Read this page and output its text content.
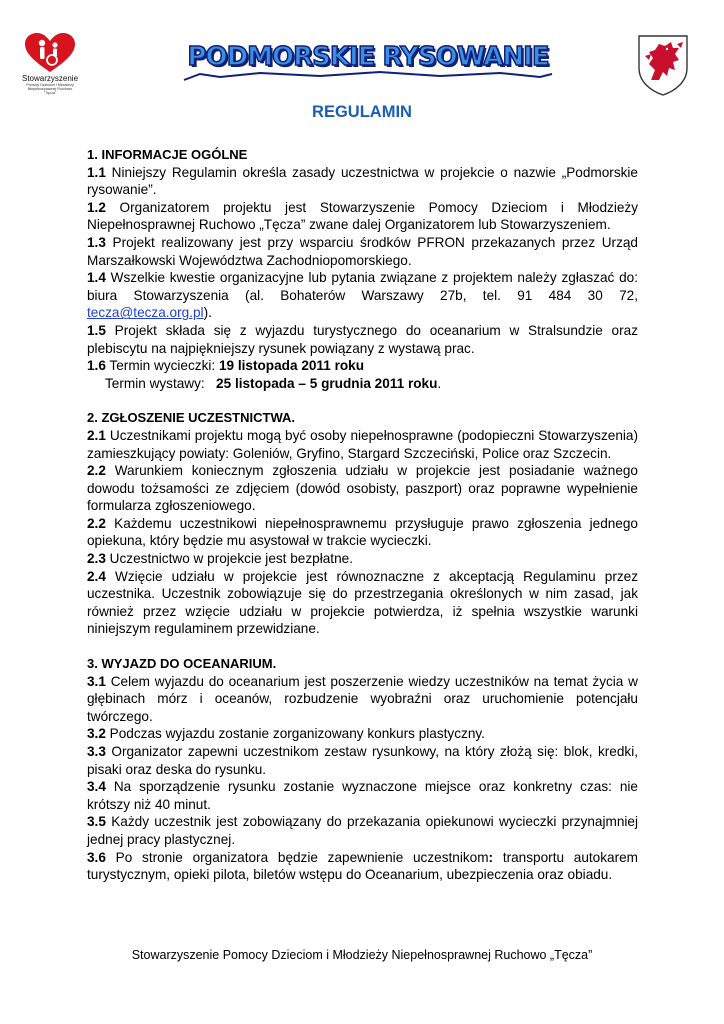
Stowarzyszenie
Pomocy Dzieciom i Młodzieży Niepełnosprawnej Ruchowo "Tęcza"
PODMORSKIE RYSOWANIE
REGULAMIN

1. INFORMACJE OGÓLNE

1.1 Niniejszy Regulamin określa zasady uczestnictwa w projekcie o nazwie „Podmorskie rysowanie”.

1.2 Organizatorem projektu jest Stowarzyszenie Pomocy Dzieciom i Młodzieży Niepełnosprawnej Ruchowo „Tęcza” zwane dalej Organizatorem lub Stowarzyszeniem.

1.3 Projekt realizowany jest przy wsparciu środków PFRON przekazanych przez Urząd Marszałkowski Województwa Zachodniopomorskiego.

1.4 Wszelkie kwestie organizacyjne lub pytania związane z projektem należy zgłaszać do: biura Stowarzyszenia (al. Bohaterów Warszawy 27b, tel. 91 484 30 72, tecza@tecza.org.pl).

1.5 Projekt składa się z wyjazdu turystycznego do oceanarium w Stralsundzie oraz plebiscytu na najpiękniejszy rysunek powiązany z wystawą prac.

1.6 Termin wycieczki: 19 listopada 2011 roku

Termin wystawy:   25 listopada – 5 grudnia 2011 roku.

2. ZGŁOSZENIE UCZESTNICTWA.

2.1 Uczestnikami projektu mogą być osoby niepełnosprawne (podopieczni Stowarzyszenia) zamieszkujący powiaty: Goleniów, Gryfino, Stargard Szczeciński, Police oraz Szczecin.

2.2 Warunkiem koniecznym zgłoszenia udziału w projekcie jest posiadanie ważnego dowodu tożsamości ze zdjęciem (dowód osobisty, paszport) oraz poprawne wypełnienie formularza zgłoszeniowego.

2.2 Każdemu uczestnikowi niepełnosprawnemu przysługuje prawo zgłoszenia jednego opiekuna, który będzie mu asystował w trakcie wycieczki.

2.3 Uczestnictwo w projekcie jest bezpłatne.

2.4 Wzięcie udziału w projekcie jest równoznaczne z akceptacją Regulaminu przez uczestnika. Uczestnik zobowiązuje się do przestrzegania określonych w nim zasad, jak również przez wzięcie udziału w projekcie potwierdza, iż spełnia wszystkie warunki niniejszym regulaminem przewidziane.

3. WYJAZD DO OCEANARIUM.

3.1 Celem wyjazdu do oceanarium jest poszerzenie wiedzy uczestników na temat życia w głębinach mórz i oceanów, rozbudzenie wyobraźni oraz uruchomienie potencjału twórczego.

3.2 Podczas wyjazdu zostanie zorganizowany konkurs plastyczny.

3.3 Organizator zapewni uczestnikom zestaw rysunkowy, na który złożą się: blok, kredki, pisaki oraz deska do rysunku.

3.4 Na sporządzenie rysunku zostanie wyznaczone miejsce oraz konkretny czas: nie krótszy niż 40 minut.

3.5 Każdy uczestnik jest zobowiązany do przekazania opiekunowi wycieczki przynajmniej jednej pracy plastycznej.

3.6 Po stronie organizatora będzie zapewnienie uczestnikom: transportu autokarem turystycznym, opieki pilota, biletów wstępu do Oceanarium, ubezpieczenia oraz obiadu.

Stowarzyszenie Pomocy Dzieciom i Młodzieży Niepełnosprawnej Ruchowo „Tęcza”
